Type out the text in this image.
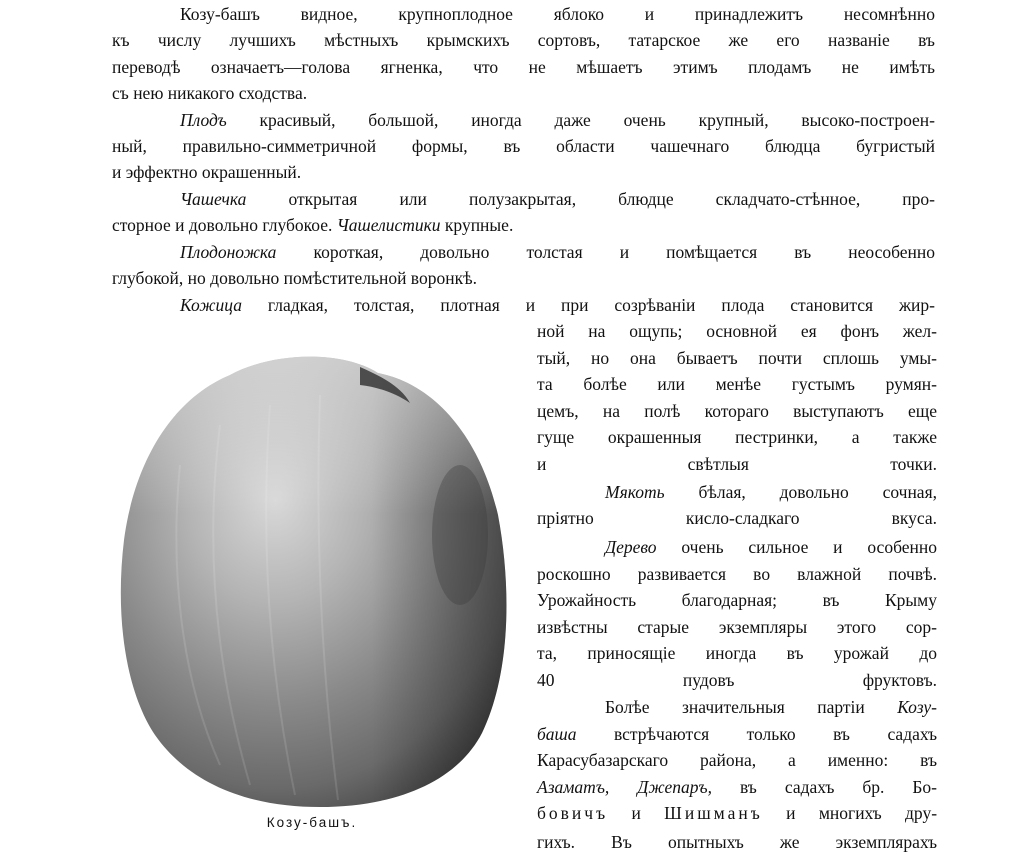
Козу-башъ видное, крупноплодное яблоко и принадлежитъ несомнѣнно
къ числу лучшихъ мѣстныхъ крымскихъ сортовъ, татарское же его названіе въ
переводѣ означаетъ—голова ягненка, что не мѣшаетъ этимъ плодамъ не имѣть
съ нею никакого сходства.
Плодъ красивый, большой, иногда даже очень крупный, высоко-построен-
ный, правильно-симметричной формы, въ области чашечнаго блюдца бугристый
и эффектно окрашенный.
Чашечка открытая или полузакрытая, блюдце складчато-стѣнное, про-
сторное и довольно глубокое. Чашелистики крупные.
Плодоножка короткая, довольно толстая и помѣщается въ неособенно
глубокой, но довольно помѣстительной воронкѣ.
Кожица гладкая, толстая, плотная и при созрѣваніи плода становится жир-
ной на ощупь; основной ея фонъ жел-
тый, но она бываетъ почти сплошь умы-
та болѣе или менѣе густымъ румян-
цемъ, на полѣ котораго выступаютъ еще
гуще окрашенныя пестринки, а также
и свѣтлыя точки.
Мякоть бѣлая, довольно сочная,
пріятно кисло-сладкаго вкуса.
Дерево очень сильное и особенно
роскошно развивается во влажной почвѣ.
Урожайность благодарная; въ Крыму
извѣстны старые экземпляры этого сор-
та, приносящіе иногда въ урожай до
40 пудовъ фруктовъ.
Болѣе значительныя партіи Козу-
баша встрѣчаются только въ садахъ
Карасубазарскаго района, а именно: въ
Азаматъ, Джепаръ, въ садахъ бр. Бо-
бовичъ и Шишманъ и многихъ дру-
гихъ. Въ опытныхъ же экземплярахъ
Козу-башъ.
